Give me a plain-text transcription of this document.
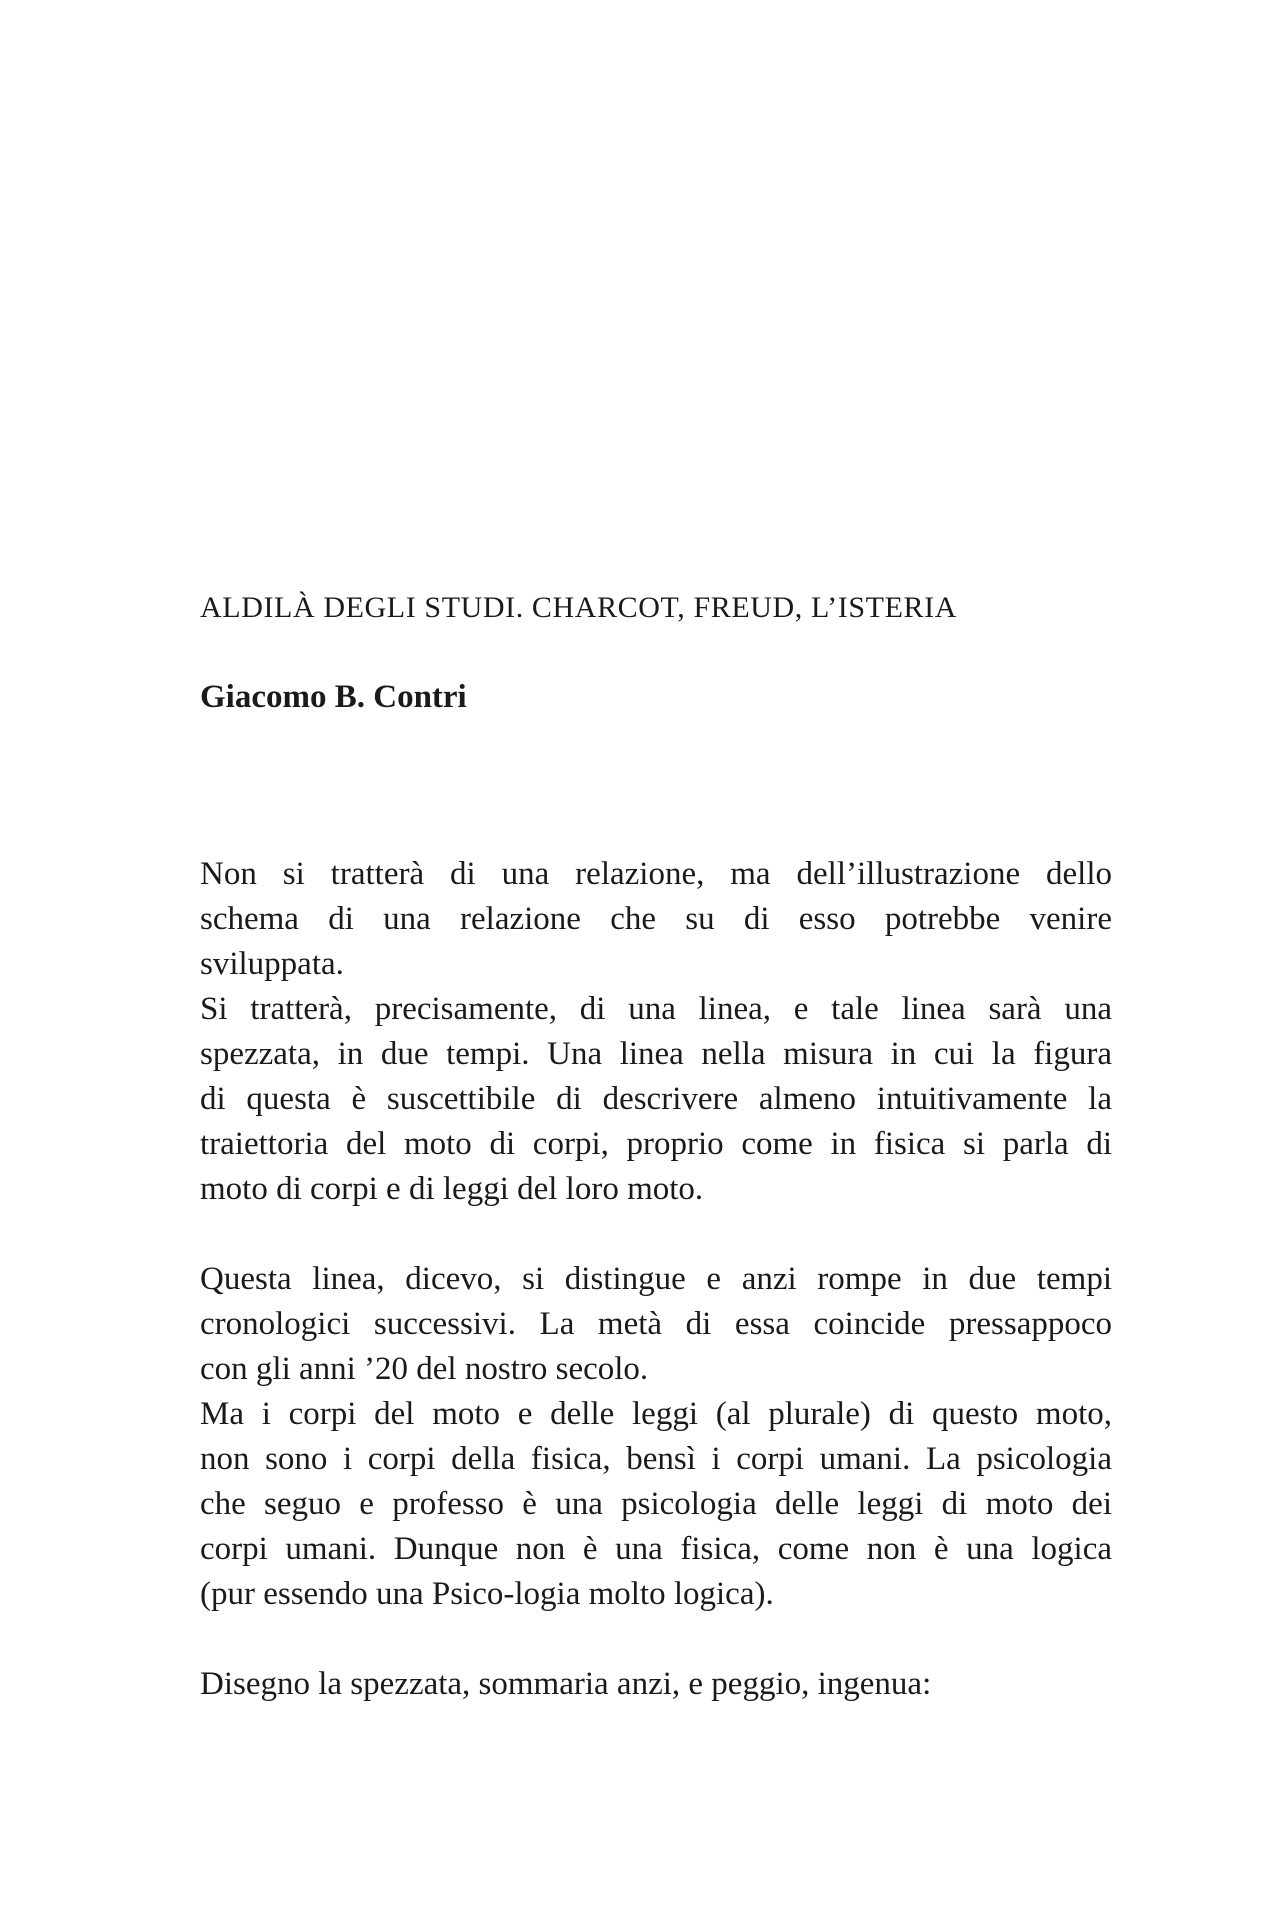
ALDILÀ DEGLI STUDI. CHARCOT, FREUD, L’ISTERIA
Giacomo B. Contri
Non si tratterà di una relazione, ma dell’illustrazione dello
schema di una relazione che su di esso potrebbe venire
sviluppata.
Si tratterà, precisamente, di una linea, e tale linea sarà una
spezzata, in due tempi. Una linea nella misura in cui la figura
di questa è suscettibile di descrivere almeno intuitivamente la
traiettoria del moto di corpi, proprio come in fisica si parla di
moto di corpi e di leggi del loro moto.
Questa linea, dicevo, si distingue e anzi rompe in due tempi
cronologici successivi. La metà di essa coincide pressappoco
con gli anni ’20 del nostro secolo.
Ma i corpi del moto e delle leggi (al plurale) di questo moto,
non sono i corpi della fisica, bensì i corpi umani. La psicologia
che seguo e professo è una psicologia delle leggi di moto dei
corpi umani. Dunque non è una fisica, come non è una logica
(pur essendo una Psico-logia molto logica).
Disegno la spezzata, sommaria anzi, e peggio, ingenua:
